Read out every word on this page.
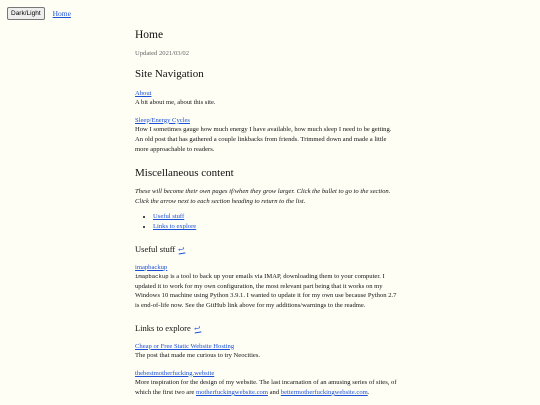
Dark/Light	Home
Home
Updated 2021/03/02
Site Navigation
About

A bit about me, about this site.

Sleep/Energy Cycles

How I sometimes gauge how much energy I have available, how much sleep I need to be getting. An old post that has gathered a couple linkbacks from friends. Trimmed down and made a little more approachable to readers.

Miscellaneous content

These will become their own pages if/when they grow larger. Click the bullet to go to the section. Click the arrow next to each section heading to return to the list.

• Useful stuff
• Links to explore
Useful stuff ↩
imapbackup

imapbackup is a tool to back up your emails via IMAP, downloading them to your computer. I updated it to work for my own configuration, the most relevant part being that it works on my Windows 10 machine using Python 3.9.1. I wanted to update it for my own use because Python 2.7 is end-of-life now. See the GitHub link above for my additions/warnings to the readme.

Links to explore ↩
Cheap or Free Static Website Hosting

The post that made me curious to try Neocities.

thebestmotherfucking.website

More inspiration for the design of my website. The last incarnation of an amusing series of sites, of which the first two are motherfuckingwebsite.com and bettermotherfuckingwebsite.com.
